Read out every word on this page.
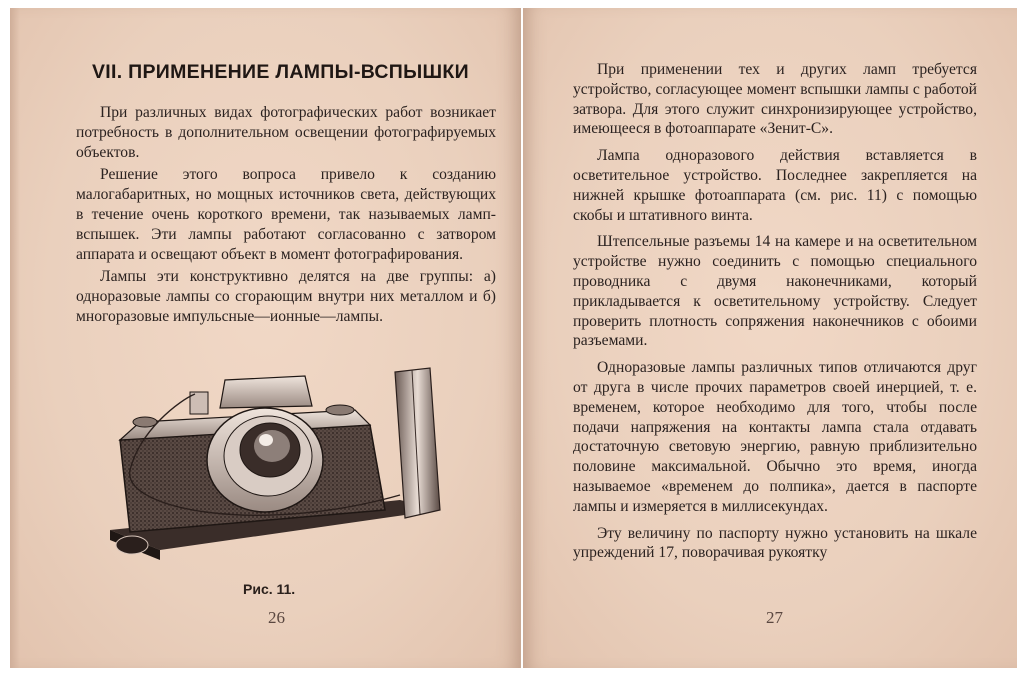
VII. ПРИМЕНЕНИЕ ЛАМПЫ-ВСПЫШКИ

При различных видах фотографических работ возникает потребность в дополнительном освещении фотографируемых объектов.

Решение этого вопроса привело к созданию малогабаритных, но мощных источников света, действующих в течение очень короткого времени, так называемых ламп-вспышек. Эти лампы работают согласованно с затвором аппарата и освещают объект в момент фотографирования.

Лампы эти конструктивно делятся на две группы: а) одноразовые лампы со сгорающим внутри них металлом и б) многоразовые импульсные—ионные—лампы.

Рис. 11.
26

При применении тех и других ламп требуется устройство, согласующее момент вспышки лампы с работой затвора. Для этого служит синхронизирующее устройство, имеющееся в фотоаппарате «Зенит-С».

Лампа одноразового действия вставляется в осветительное устройство. Последнее закрепляется на нижней крышке фотоаппарата (см. рис. 11) с помощью скобы и штативного винта.

Штепсельные разъемы 14 на камере и на осветительном устройстве нужно соединить с помощью специального проводника с двумя наконечниками, который прикладывается к осветительному устройству. Следует проверить плотность сопряжения наконечников с обоими разъемами.

Одноразовые лампы различных типов отличаются друг от друга в числе прочих параметров своей инерцией, т. е. временем, которое необходимо для того, чтобы после подачи напряжения на контакты лампа стала отдавать достаточную световую энергию, равную приблизительно половине максимальной. Обычно это время, иногда называемое «временем до полпика», дается в паспорте лампы и измеряется в миллисекундах.

Эту величину по паспорту нужно установить на шкале упреждений 17, поворачивая рукоятку

27
